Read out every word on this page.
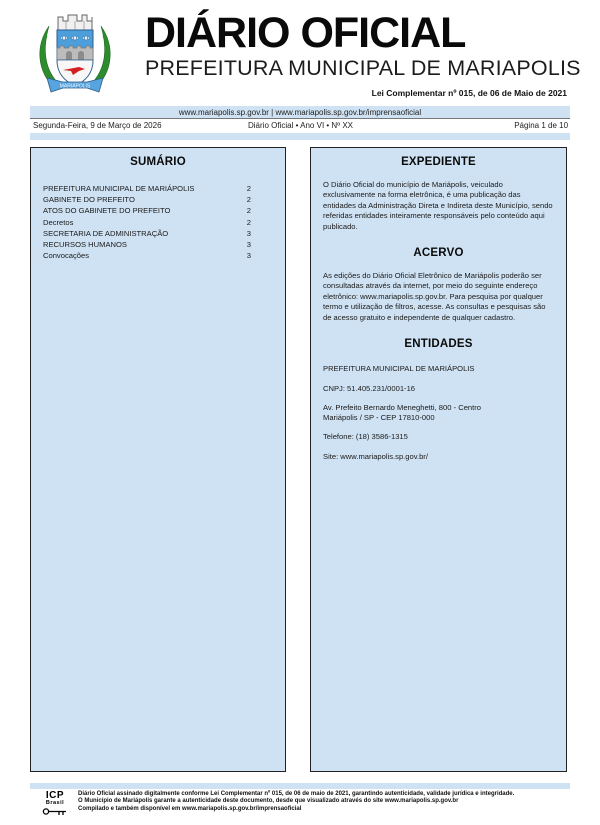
MARIÁPOLIS
DIÁRIO OFICIAL
PREFEITURA MUNICIPAL DE MARIAPOLIS
Lei Complementar nº 015, de 06 de Maio de 2021
www.mariapolis.sp.gov.br | www.mariapolis.sp.gov.br/imprensaoficial
Segunda-Feira, 9 de Março de 2026	Diário Oficial • Ano VI • Nº XX	Página 1 de 10
SUMÁRIO
PREFEITURA MUNICIPAL DE MARIÁPOLIS	2
GABINETE DO PREFEITO	2
ATOS DO GABINETE DO PREFEITO	2
Decretos	2
SECRETARIA DE ADMINISTRAÇÃO	3
RECURSOS HUMANOS	3
Convocações	3
EXPEDIENTE
O Diário Oficial do município de Mariápolis, veiculado exclusivamente na forma eletrônica, é uma publicação das entidades da Administração Direta e Indireta deste Município, sendo referidas entidades inteiramente responsáveis pelo conteúdo aqui publicado.
ACERVO
As edições do Diário Oficial Eletrônico de Mariápolis poderão ser consultadas através da internet, por meio do seguinte endereço eletrônico: www.mariapolis.sp.gov.br. Para pesquisa por qualquer termo e utilização de filtros, acesse. As consultas e pesquisas são de acesso gratuito e independente de qualquer cadastro.
ENTIDADES
PREFEITURA MUNICIPAL DE MARIÁPOLIS
CNPJ: 51.405.231/0001-16
Av. Prefeito Bernardo Meneghetti, 800 - Centro
Mariápolis / SP - CEP 17810-000
Telefone: (18) 3586-1315
Site: www.mariapolis.sp.gov.br/
ICP
Brasil
Diário Oficial assinado digitalmente conforme Lei Complementar nº 015, de 06 de maio de 2021, garantindo autenticidade, validade jurídica e integridade.
O Município de Mariápolis garante a autenticidade deste documento, desde que visualizado através do site www.mariapolis.sp.gov.br
Compilado e também disponível em www.mariapolis.sp.gov.br/imprensaoficial
